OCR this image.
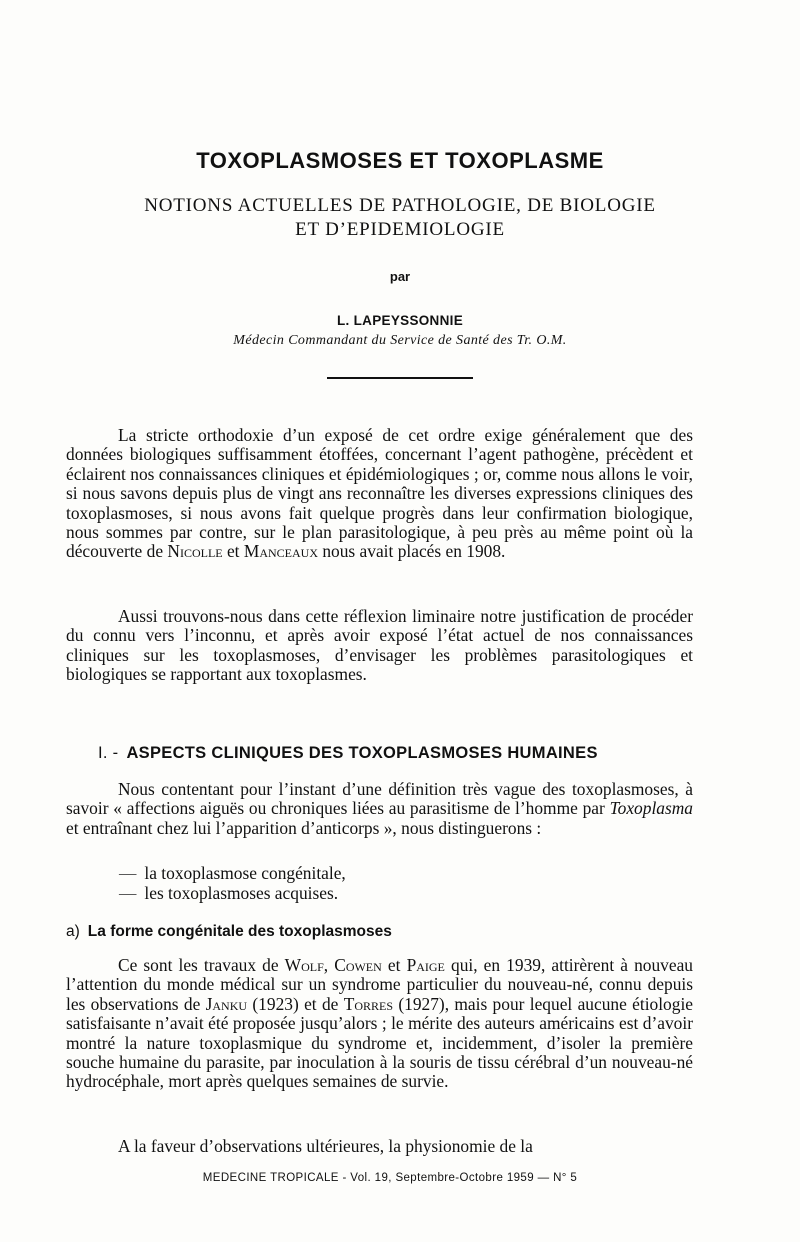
TOXOPLASMOSES ET TOXOPLASME
NOTIONS ACTUELLES DE PATHOLOGIE, DE BIOLOGIE
ET D’EPIDEMIOLOGIE
par
L. LAPEYSSONNIE
Médecin Commandant du Service de Santé des Tr. O.M.

La stricte orthodoxie d’un exposé de cet ordre exige généralement que des données biologiques suffisamment étoffées, concernant l’agent pathogène, précèdent et éclairent nos connaissances cliniques et épidémiologiques ; or, comme nous allons le voir, si nous savons depuis plus de vingt ans reconnaître les diverses expressions cliniques des toxoplasmoses, si nous avons fait quelque progrès dans leur confirmation biologique, nous sommes par contre, sur le plan parasitologique, à peu près au même point où la découverte de Nicolle et Manceaux nous avait placés en 1908.

Aussi trouvons-nous dans cette réflexion liminaire notre justification de procéder du connu vers l’inconnu, et après avoir exposé l’état actuel de nos connaissances cliniques sur les toxoplasmoses, d’envisager les problèmes parasitologiques et biologiques se rapportant aux toxoplasmes.

I. - ASPECTS CLINIQUES DES TOXOPLASMOSES HUMAINES

Nous contentant pour l’instant d’une définition très vague des toxoplasmoses, à savoir « affections aiguës ou chroniques liées au parasitisme de l’homme par Toxoplasma et entraînant chez lui l’apparition d’anticorps », nous distinguerons :

— la toxoplasmose congénitale,
— les toxoplasmoses acquises.
a) La forme congénitale des toxoplasmoses

Ce sont les travaux de Wolf, Cowen et Paige qui, en 1939, attirèrent à nouveau l’attention du monde médical sur un syndrome particulier du nouveau-né, connu depuis les observations de Janku (1923) et de Torres (1927), mais pour lequel aucune étiologie satisfaisante n’avait été proposée jusqu’alors ; le mérite des auteurs américains est d’avoir montré la nature toxoplasmique du syndrome et, incidemment, d’isoler la première souche humaine du parasite, par inoculation à la souris de tissu cérébral d’un nouveau-né hydrocéphale, mort après quelques semaines de survie.

A la faveur d’observations ultérieures, la physionomie de la

MEDECINE TROPICALE - Vol. 19, Septembre-Octobre 1959 — N° 5
